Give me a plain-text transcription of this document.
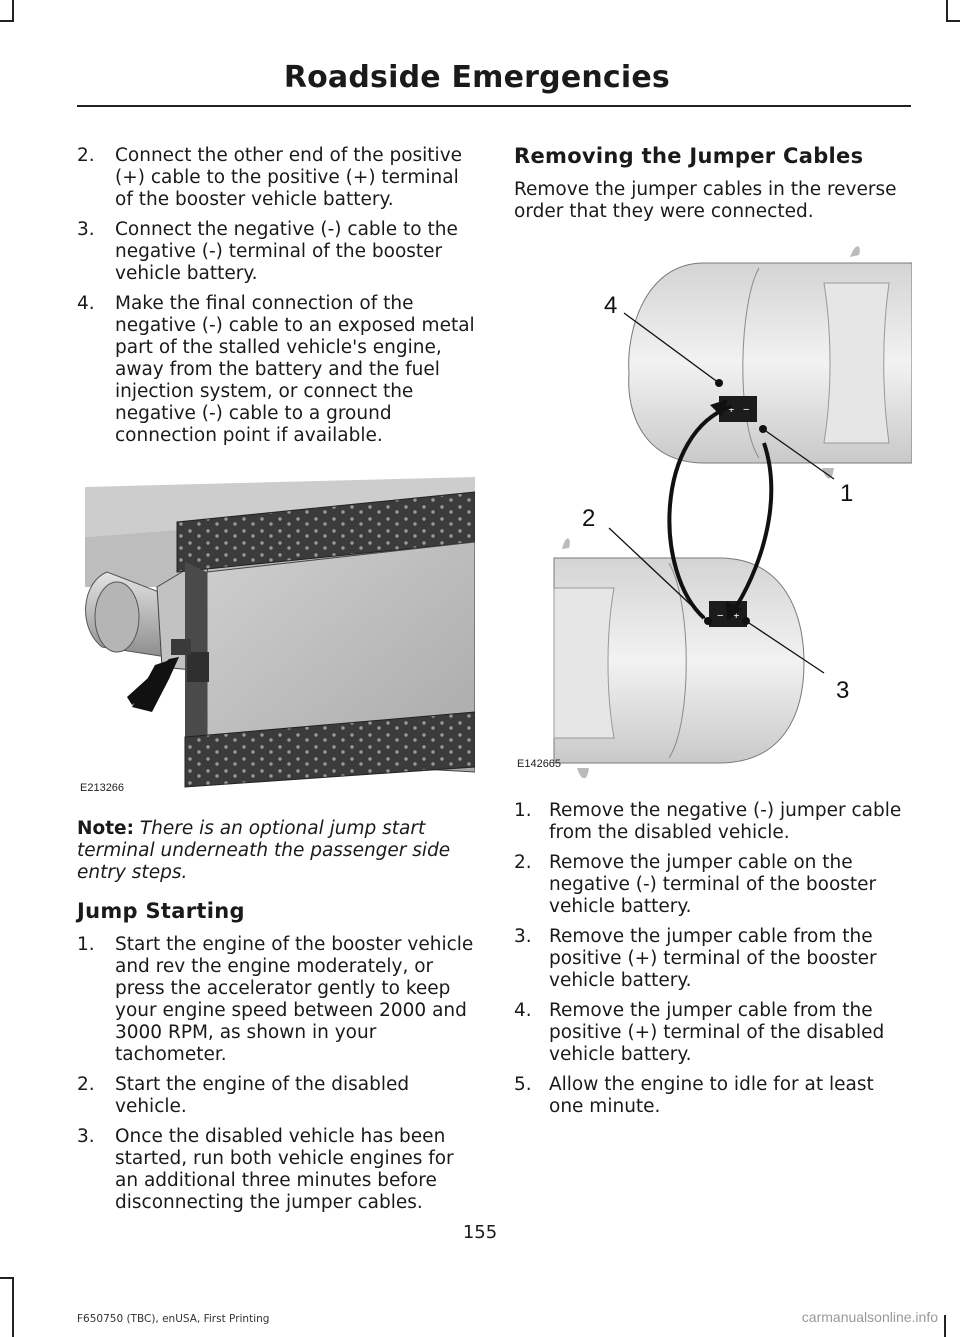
Roadside Emergencies
2. Connect the other end of the positive (+) cable to the positive (+) terminal of the booster vehicle battery.
3. Connect the negative (-) cable to the negative (-) terminal of the booster vehicle battery.
4. Make the final connection of the negative (-) cable to an exposed metal part of the stalled vehicle's engine, away from the battery and the fuel injection system, or connect the negative (-) cable to a ground connection point if available.
E213266

Note: There is an optional jump start terminal underneath the passenger side entry steps.

Jump Starting
1. Start the engine of the booster vehicle and rev the engine moderately, or press the accelerator gently to keep your engine speed between 2000 and 3000 RPM, as shown in your tachometer.
2. Start the engine of the disabled vehicle.
3. Once the disabled vehicle has been started, run both vehicle engines for an additional three minutes before disconnecting the jumper cables.
Removing the Jumper Cables

Remove the jumper cables in the reverse order that they were connected.

+ −
− +
4
1
2
3
E142665
1. Remove the negative (-) jumper cable from the disabled vehicle.
2. Remove the jumper cable on the negative (-) terminal of the booster vehicle battery.
3. Remove the jumper cable from the positive (+) terminal of the booster vehicle battery.
4. Remove the jumper cable from the positive (+) terminal of the disabled vehicle battery.
5. Allow the engine to idle for at least one minute.
155
F650750 (TBC), enUSA, First Printing	carmanualsonline.info
